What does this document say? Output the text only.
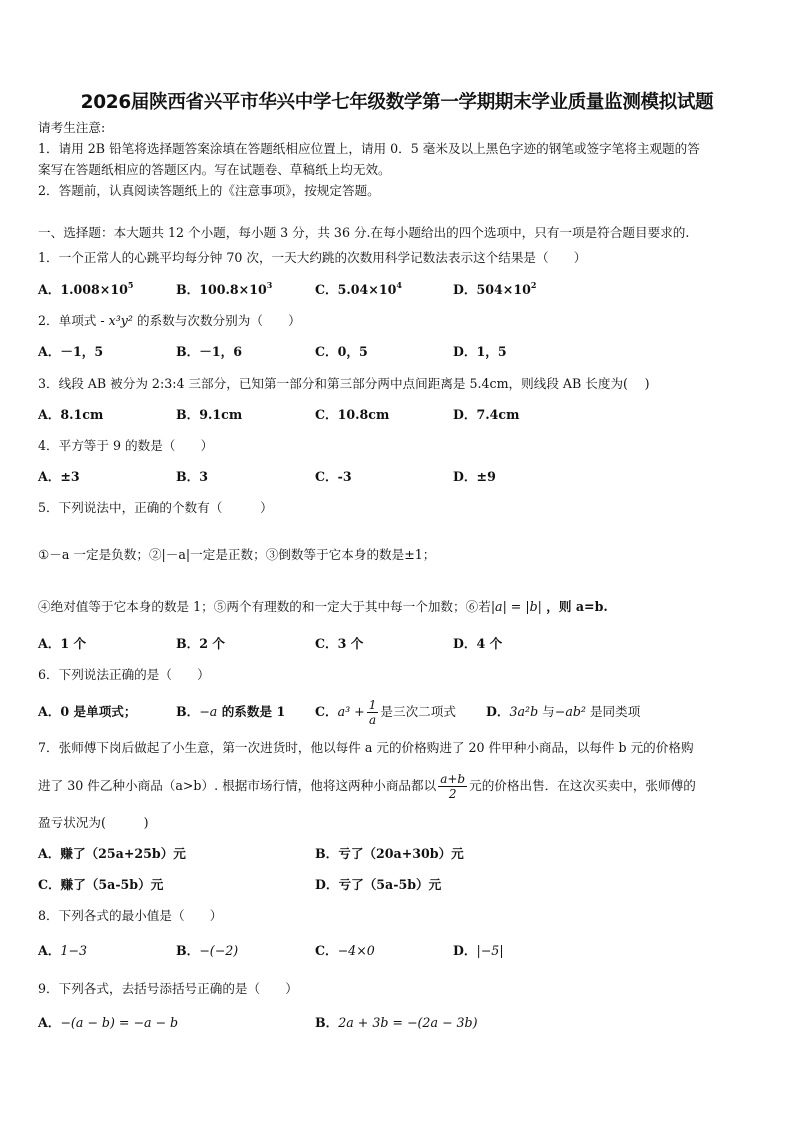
2026届陕西省兴平市华兴中学七年级数学第一学期期末学业质量监测模拟试题
请考生注意:
1．请用 2B 铅笔将选择题答案涂填在答题纸相应位置上，请用 0．5 毫米及以上黑色字迹的钢笔或签字笔将主观题的答
案写在答题纸相应的答题区内。写在试题卷、草稿纸上均无效。
2．答题前，认真阅读答题纸上的《注意事项》，按规定答题。
一、选择题：本大题共 12 个小题，每小题 3 分，共 36 分.在每小题给出的四个选项中，只有一项是符合题目要求的.
1．一个正常人的心跳平均每分钟 70 次，一天大约跳的次数用科学记数法表示这个结果是（　　）
A．$1.008\times 10^5$	B．$100.8\times 10^3$	C．$5.04\times 10^4$	D．$504\times 10^2$
2．单项式 - x³y² 的系数与次数分别为（　　）
A．－1，5	B．－1，6	C．0，5	D．1，5
3．线段 AB 被分为 2:3:4 三部分，已知第一部分和第三部分两中点间距离是 5.4cm，则线段 AB 长度为(　 )
A．8.1cm	B．9.1cm	C．10.8cm	D．7.4cm
4．平方等于 9 的数是（　　）
A．±3	B．3	C．-3	D．±9
5．下列说法中，正确的个数有（　　　）
①－a 一定是负数；②|－a|一定是正数；③倒数等于它本身的数是±1；
④绝对值等于它本身的数是 1；⑤两个有理数的和一定大于其中每一个加数；⑥若|a| = |b| ，则 a=b.
A．1 个	B．2 个	C．3 个	D．4 个
6．下列说法正确的是（　　）
A．0 是单项式；	B．−a 的系数是 1 C．$a^3 + \frac{1}{a}$ 是三次二项式 D．3a²b 与−ab² 是同类项
7．张师傅下岗后做起了小生意，第一次进货时，他以每件 a 元的价格购进了 20 件甲种小商品，以每件 b 元的价格购
进了 30 件乙种小商品（a>b）. 根据市场行情，他将这两种小商品都以 $\frac{a+b}{2}$ 元的价格出售．在这次买卖中，张师傅的
盈亏状况为(　　　)
A．赚了（25a+25b）元	B．亏了（20a+30b）元
C．赚了（5a-5b）元	D．亏了（5a-5b）元
8．下列各式的最小值是（　　）
A．1−3	B．−(−2)	C．−4×0	D．|−5|
9．下列各式，去括号添括号正确的是（　　）
A．−(a − b) = −a − b	B．2a + 3b = −(2a − 3b)
